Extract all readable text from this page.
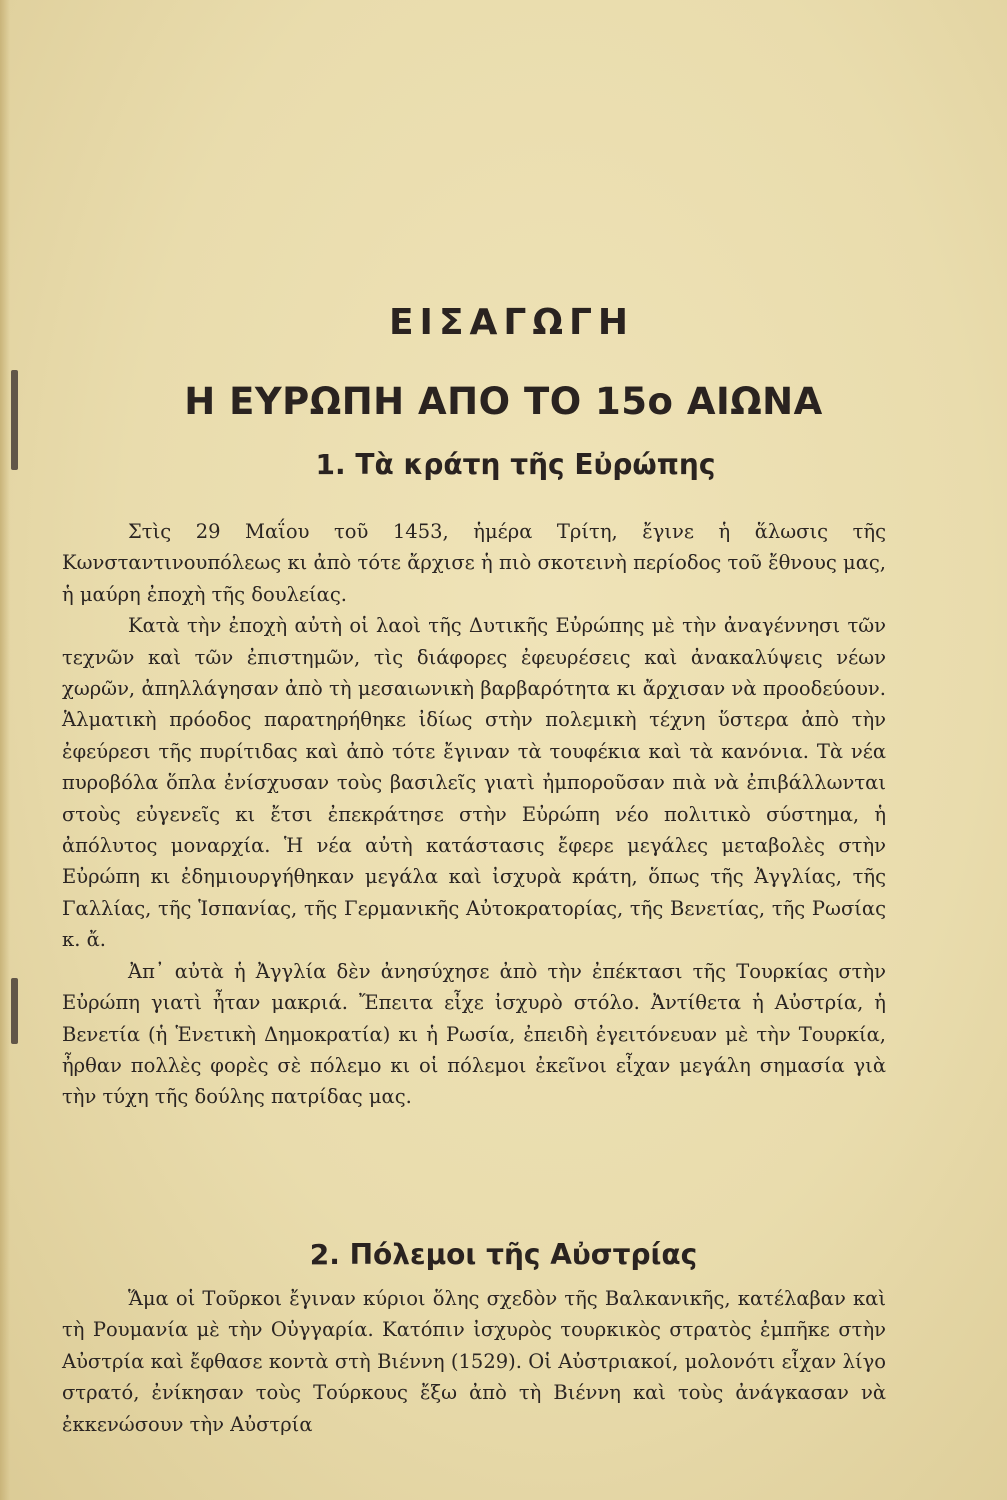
ΕΙΣΑΓΩΓΗ
Η ΕΥΡΩΠΗ ΑΠΟ ΤΟ 15ο ΑΙΩΝΑ
1. Τὰ κράτη τῆς Εὐρώπης

Στὶς 29 Μαΐου τοῦ 1453, ἡμέρα Τρίτη, ἔγινε ἡ ἅλωσις τῆς Κωνσταντινουπόλεως κι ἀπὸ τότε ἄρχισε ἡ πιὸ σκοτεινὴ περίοδος τοῦ ἔθνους μας, ἡ μαύρη ἐποχὴ τῆς δουλείας.

Κατὰ τὴν ἐποχὴ αὐτὴ οἱ λαοὶ τῆς Δυτικῆς Εὐρώπης μὲ τὴν ἀναγέννησι τῶν τεχνῶν καὶ τῶν ἐπιστημῶν, τὶς διάφορες ἐφευρέσεις καὶ ἀνακαλύψεις νέων χωρῶν, ἀπηλλάγησαν ἀπὸ τὴ μεσαιωνικὴ βαρβαρότητα κι ἄρχισαν νὰ προοδεύουν. Ἁλματικὴ πρόοδος παρατηρήθηκε ἰδίως στὴν πολεμικὴ τέχνη ὕστερα ἀπὸ τὴν ἐφεύρεσι τῆς πυρίτιδας καὶ ἀπὸ τότε ἔγιναν τὰ τουφέκια καὶ τὰ κανόνια. Τὰ νέα πυροβόλα ὅπλα ἐνίσχυσαν τοὺς βασιλεῖς γιατὶ ἠμποροῦσαν πιὰ νὰ ἐπιβάλλωνται στοὺς εὐγενεῖς κι ἔτσι ἐπεκράτησε στὴν Εὐρώπη νέο πολιτικὸ σύστημα, ἡ ἀπόλυτος μοναρχία. Ἡ νέα αὐτὴ κατάστασις ἔφερε μεγάλες μεταβολὲς στὴν Εὐρώπη κι ἐδημιουργήθηκαν μεγάλα καὶ ἰσχυρὰ κράτη, ὅπως τῆς Ἀγγλίας, τῆς Γαλλίας, τῆς Ἱσπανίας, τῆς Γερμανικῆς Αὐτοκρατορίας, τῆς Βενετίας, τῆς Ρωσίας κ. ἄ.

Ἀπ᾿ αὐτὰ ἡ Ἀγγλία δὲν ἀνησύχησε ἀπὸ τὴν ἐπέκτασι τῆς Τουρκίας στὴν Εὐρώπη γιατὶ ἦταν μακριά. Ἔπειτα εἶχε ἰσχυρὸ στόλο. Ἀντίθετα ἡ Αὐστρία, ἡ Βενετία (ἡ Ἑνετικὴ Δημοκρατία) κι ἡ Ρωσία, ἐπειδὴ ἐγειτόνευαν μὲ τὴν Τουρκία, ἦρθαν πολλὲς φορὲς σὲ πόλεμο κι οἱ πόλεμοι ἐκεῖνοι εἶχαν μεγάλη σημασία γιὰ τὴν τύχη τῆς δούλης πατρίδας μας.

2. Πόλεμοι τῆς Αὐστρίας

Ἅμα οἱ Τοῦρκοι ἔγιναν κύριοι ὅλης σχεδὸν τῆς Βαλκανικῆς, κατέλαβαν καὶ τὴ Ρουμανία μὲ τὴν Οὐγγαρία. Κατόπιν ἰσχυρὸς τουρκικὸς στρατὸς ἐμπῆκε στὴν Αὐστρία καὶ ἔφθασε κοντὰ στὴ Βιέννη (1529). Οἱ Αὐστριακοί, μολονότι εἶχαν λίγο στρατό, ἐνίκησαν τοὺς Τούρκους ἔξω ἀπὸ τὴ Βιέννη καὶ τοὺς ἀνάγκασαν νὰ ἐκκενώσουν τὴν Αὐστρία
